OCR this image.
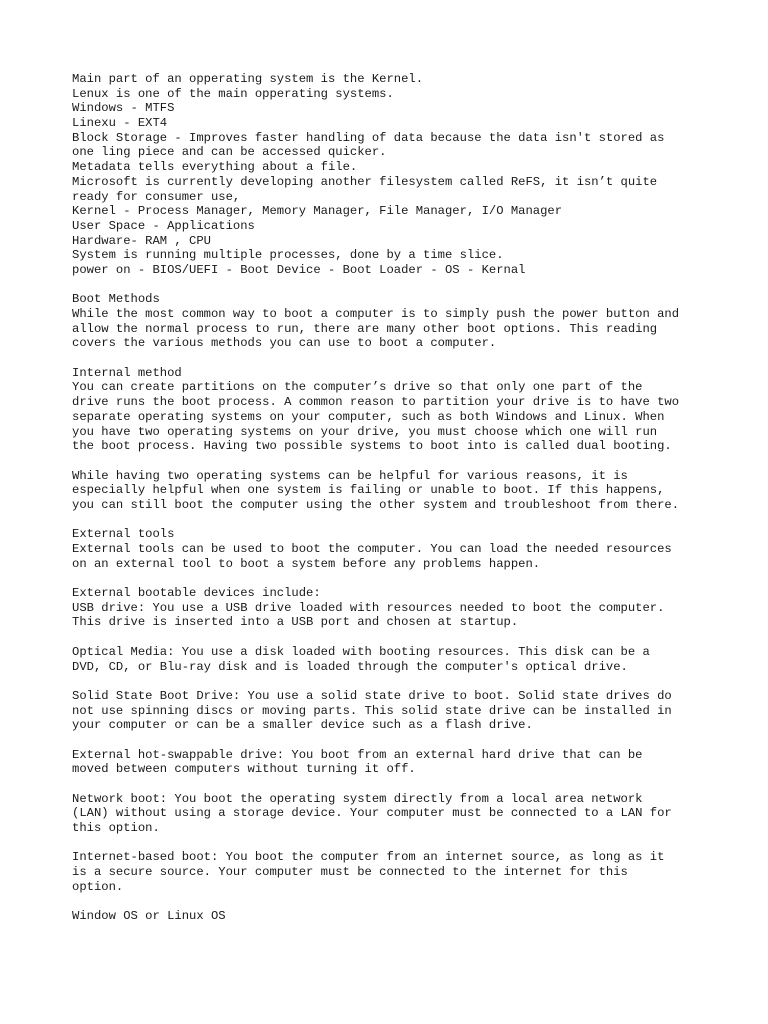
Main part of an opperating system is the Kernel.
Lenux is one of the main opperating systems.
Windows - MTFS
Linexu - EXT4
Block Storage - Improves faster handling of data because the data isn't stored as
one ling piece and can be accessed quicker.
Metadata tells everything about a file.
Microsoft is currently developing another filesystem called ReFS, it isn’t quite
ready for consumer use,
Kernel - Process Manager, Memory Manager, File Manager, I/O Manager
User Space - Applications
Hardware- RAM , CPU
System is running multiple processes, done by a time slice.
power on - BIOS/UEFI - Boot Device - Boot Loader - OS - Kernal
Boot Methods
While the most common way to boot a computer is to simply push the power button and
allow the normal process to run, there are many other boot options. This reading
covers the various methods you can use to boot a computer.
Internal method
You can create partitions on the computer’s drive so that only one part of the
drive runs the boot process. A common reason to partition your drive is to have two
separate operating systems on your computer, such as both Windows and Linux. When
you have two operating systems on your drive, you must choose which one will run
the boot process. Having two possible systems to boot into is called dual booting.
While having two operating systems can be helpful for various reasons, it is
especially helpful when one system is failing or unable to boot. If this happens,
you can still boot the computer using the other system and troubleshoot from there.
External tools
External tools can be used to boot the computer. You can load the needed resources
on an external tool to boot a system before any problems happen.
External bootable devices include:
USB drive: You use a USB drive loaded with resources needed to boot the computer.
This drive is inserted into a USB port and chosen at startup.
Optical Media: You use a disk loaded with booting resources. This disk can be a
DVD, CD, or Blu-ray disk and is loaded through the computer's optical drive.
Solid State Boot Drive: You use a solid state drive to boot. Solid state drives do
not use spinning discs or moving parts. This solid state drive can be installed in
your computer or can be a smaller device such as a flash drive.
External hot-swappable drive: You boot from an external hard drive that can be
moved between computers without turning it off.
Network boot: You boot the operating system directly from a local area network
(LAN) without using a storage device. Your computer must be connected to a LAN for
this option.
Internet-based boot: You boot the computer from an internet source, as long as it
is a secure source. Your computer must be connected to the internet for this
option.
Window OS or Linux OS
